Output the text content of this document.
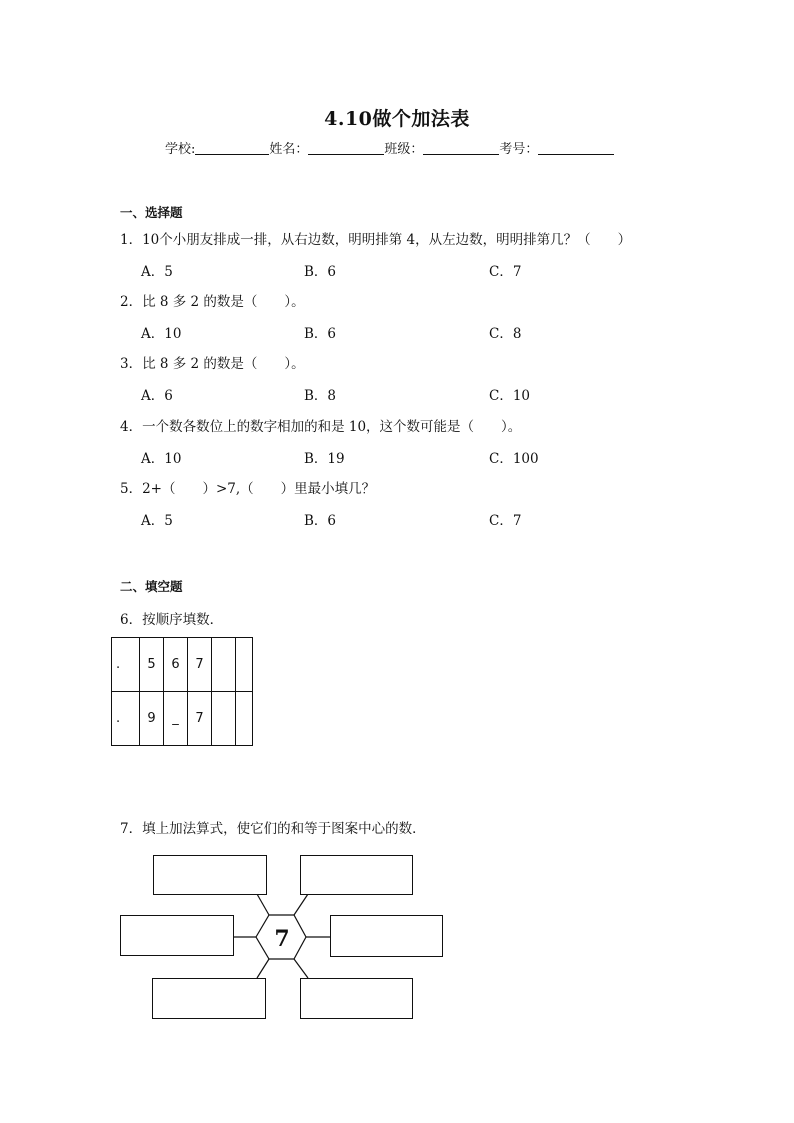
4.10做个加法表
学校:	姓名：	班级：	考号：
一、选择题
1．10个小朋友排成一排，从右边数，明明排第 4，从左边数，明明排第几？（　　）
A．5	B．6	C．7
2．比 8 多 2 的数是（　　）。
A．10	B．6	C．8
3．比 8 多 2 的数是（　　）。
A．6	B．8	C．10
4．一个数各数位上的数字相加的和是 10，这个数可能是（　　）。
A．10	B．19	C．100
5．2+（　　）>7,（　　）里最小填几？
A．5	B．6	C．7
二、填空题
6．按顺序填数．
.	5	6	7		
.	9	_	7		
7．填上加法算式，使它们的和等于图案中心的数．
7
